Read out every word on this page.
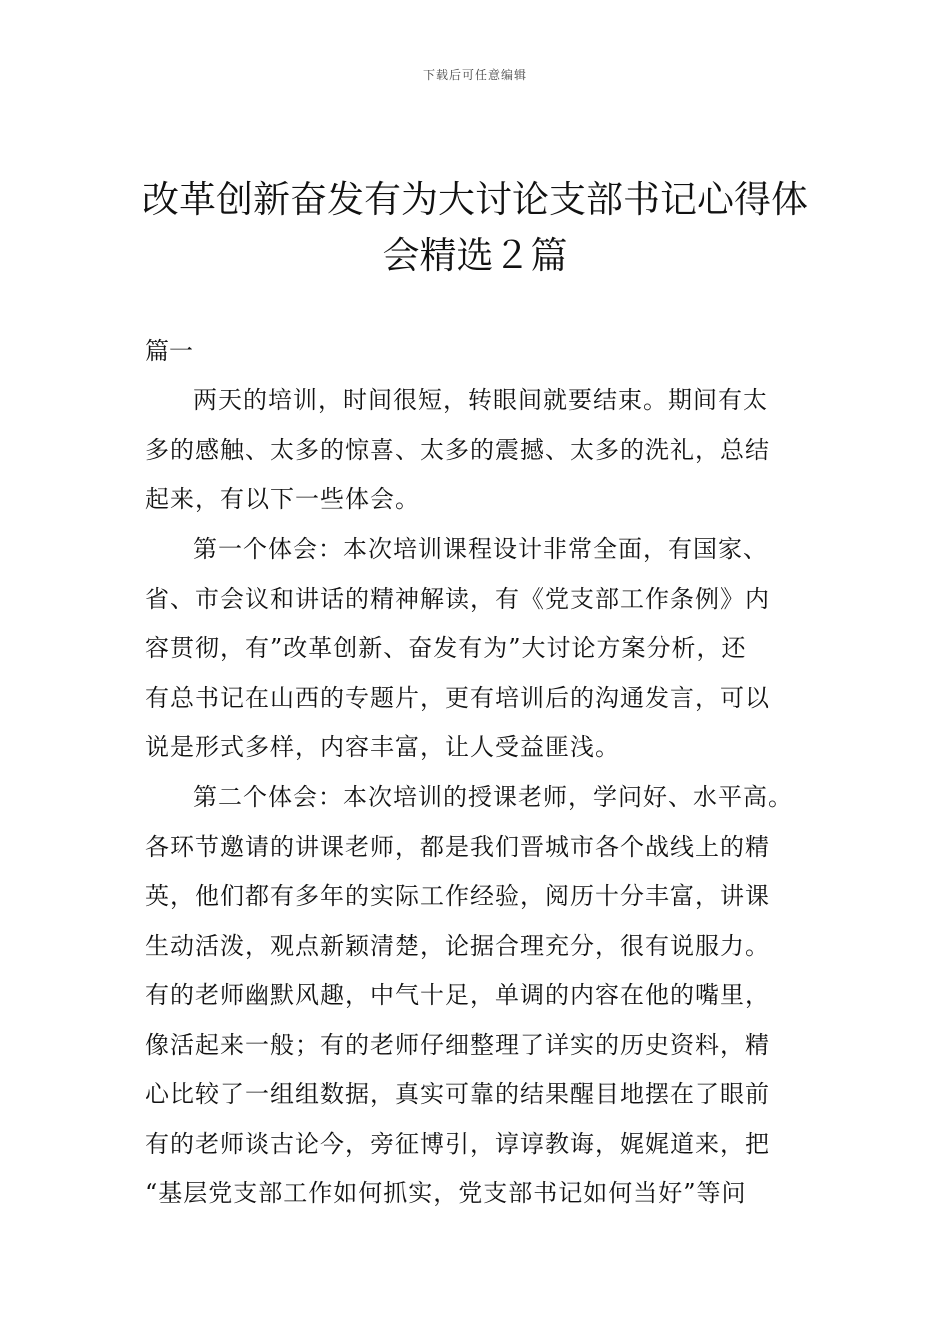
下载后可任意编辑
改革创新奋发有为大讨论支部书记心得体
会精选２篇
篇一
两天的培训，时间很短，转眼间就要结束。期间有太
多的感触、太多的惊喜、太多的震撼、太多的洗礼，总结
起来，有以下一些体会。
第一个体会：本次培训课程设计非常全面，有国家、
省、市会议和讲话的精神解读，有《党支部工作条例》内
容贯彻，有”改革创新、奋发有为”大讨论方案分析，还
有总书记在山西的专题片，更有培训后的沟通发言，可以
说是形式多样，内容丰富，让人受益匪浅。
第二个体会：本次培训的授课老师，学问好、水平高。
各环节邀请的讲课老师，都是我们晋城市各个战线上的精
英，他们都有多年的实际工作经验，阅历十分丰富，讲课
生动活泼，观点新颖清楚，论据合理充分，很有说服力。
有的老师幽默风趣，中气十足，单调的内容在他的嘴里，
像活起来一般；有的老师仔细整理了详实的历史资料，精
心比较了一组组数据，真实可靠的结果醒目地摆在了眼前
有的老师谈古论今，旁征博引，谆谆教诲，娓娓道来，把
“基层党支部工作如何抓实，党支部书记如何当好”等问
